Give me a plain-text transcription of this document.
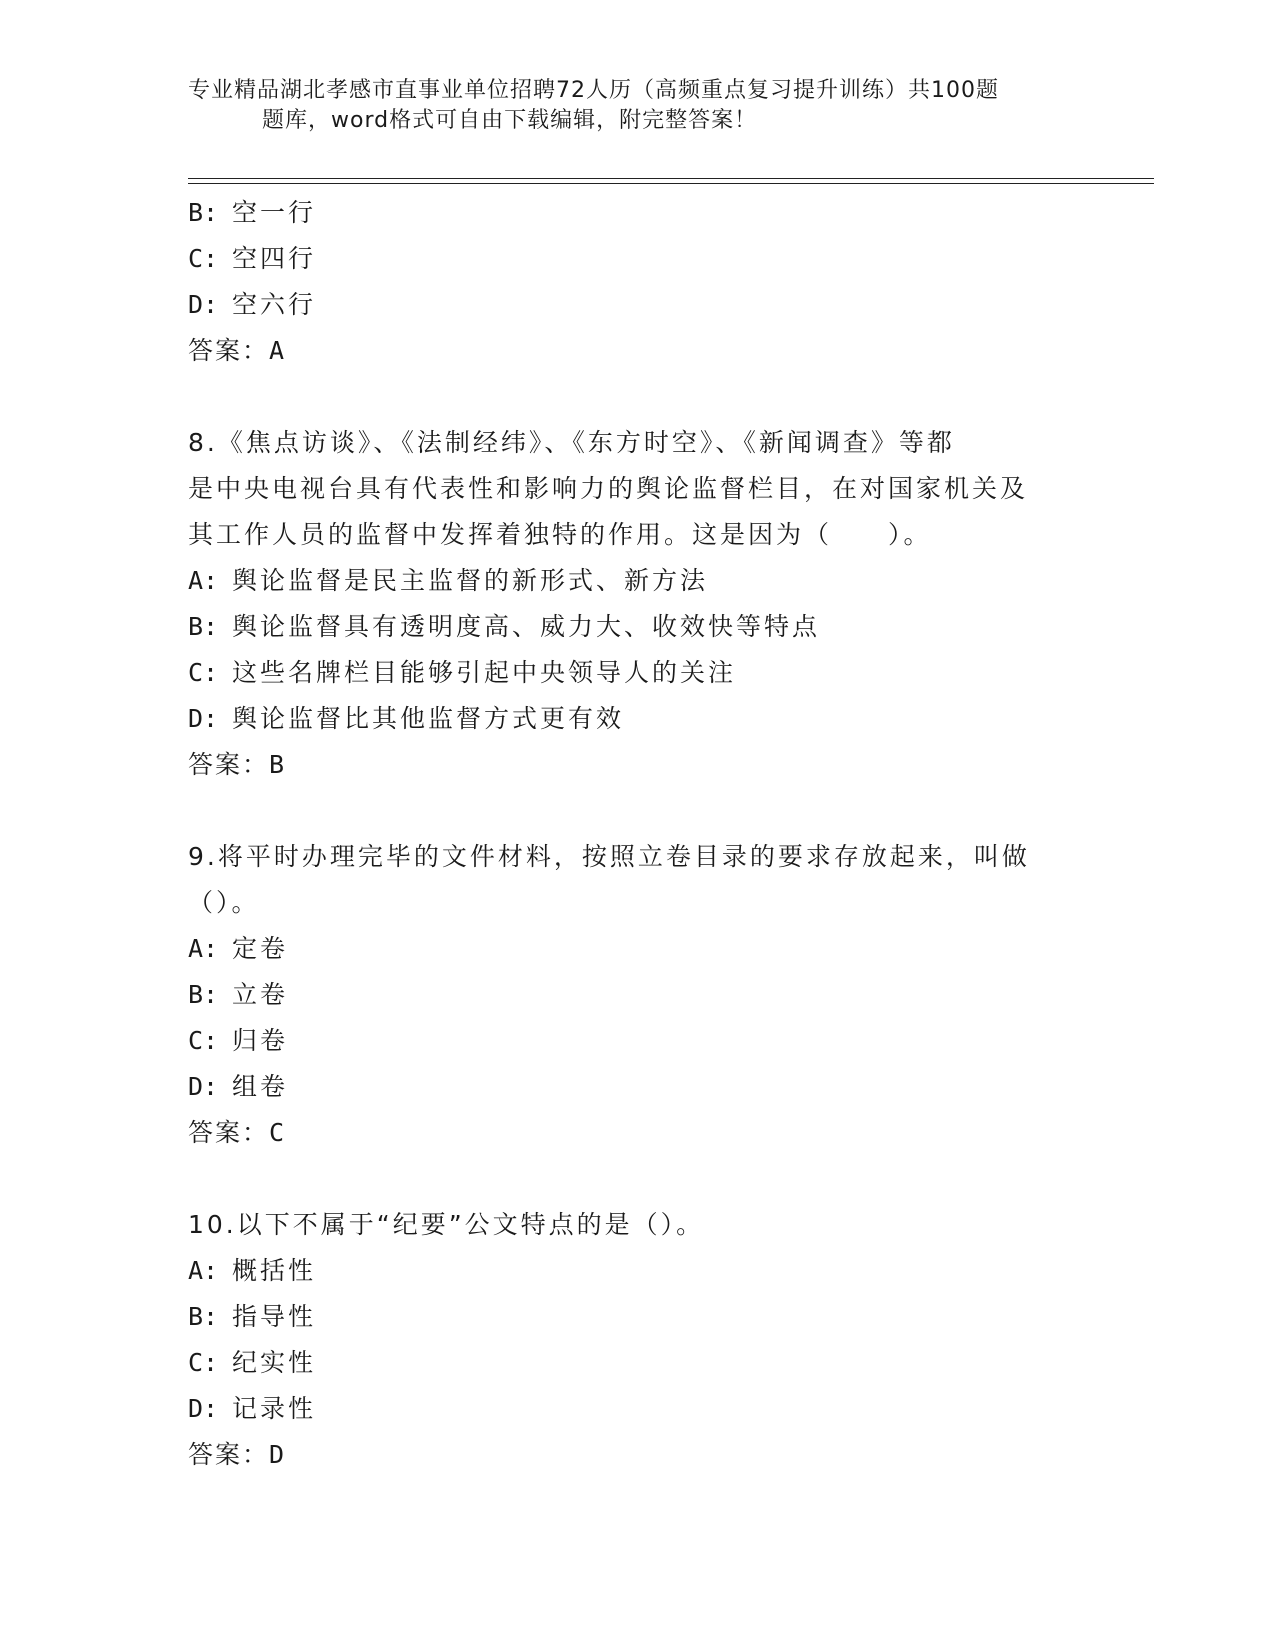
专业精品湖北孝感市直事业单位招聘72人历（高频重点复习提升训练）共100题
题库，word格式可自由下载编辑，附完整答案！
B: 空一行
C: 空四行
D: 空六行
答案：A
8.《焦点访谈》、《法制经纬》、《东方时空》、《新闻调查》等都
是中央电视台具有代表性和影响力的舆论监督栏目，在对国家机关及
其工作人员的监督中发挥着独特的作用。这是因为（　　）。
A: 舆论监督是民主监督的新形式、新方法
B: 舆论监督具有透明度高、威力大、收效快等特点
C: 这些名牌栏目能够引起中央领导人的关注
D: 舆论监督比其他监督方式更有效
答案：B
9.将平时办理完毕的文件材料，按照立卷目录的要求存放起来，叫做
（）。
A: 定卷
B: 立卷
C: 归卷
D: 组卷
答案：C
10.以下不属于“纪要”公文特点的是（）。
A: 概括性
B: 指导性
C: 纪实性
D: 记录性
答案：D
